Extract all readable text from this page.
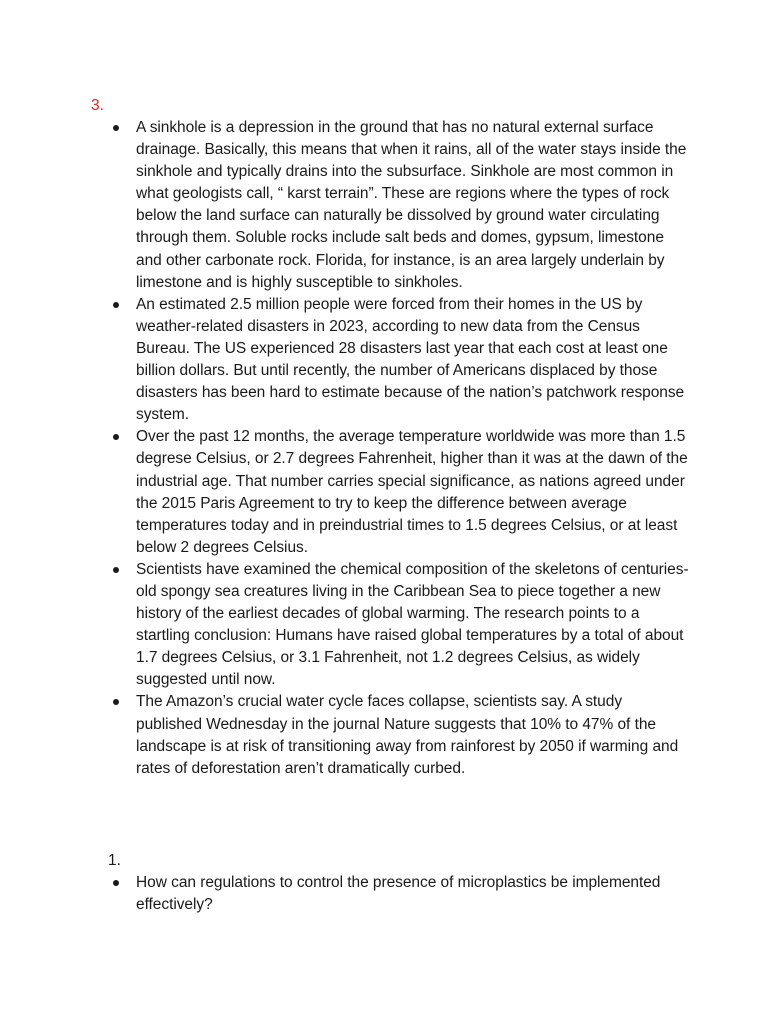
3.
A sinkhole is a depression in the ground that has no natural external surface drainage. Basically, this means that when it rains, all of the water stays inside the sinkhole and typically drains into the subsurface. Sinkhole are most common in what geologists call, “ karst terrain”. These are regions where the types of rock below the land surface can naturally be dissolved by ground water circulating through them. Soluble rocks include salt beds and domes, gypsum, limestone and other carbonate rock. Florida, for instance, is an area largely underlain by limestone and is highly susceptible to sinkholes.
An estimated 2.5 million people were forced from their homes in the US by weather-related disasters in 2023, according to new data from the Census Bureau. The US experienced 28 disasters last year that each cost at least one billion dollars. But until recently, the number of Americans displaced by those disasters has been hard to estimate because of the nation’s patchwork response system.
Over the past 12 months, the average temperature worldwide was more than 1.5 degrese Celsius, or 2.7 degrees Fahrenheit, higher than it was at the dawn of the industrial age. That number carries special significance, as nations agreed under the 2015 Paris Agreement to try to keep the difference between average temperatures today and in preindustrial times to 1.5 degrees Celsius, or at least below 2 degrees Celsius.
Scientists have examined the chemical composition of the skeletons of centuries-old spongy sea creatures living in the Caribbean Sea to piece together a new history of the earliest decades of global warming. The research points to a startling conclusion: Humans have raised global temperatures by a total of about 1.7 degrees Celsius, or 3.1 Fahrenheit, not 1.2 degrees Celsius, as widely suggested until now.
The Amazon’s crucial water cycle faces collapse, scientists say. A study published Wednesday in the journal Nature suggests that 10% to 47% of the landscape is at risk of transitioning away from rainforest by 2050 if warming and rates of deforestation aren’t dramatically curbed.
1.
How can regulations to control the presence of microplastics be implemented effectively?
